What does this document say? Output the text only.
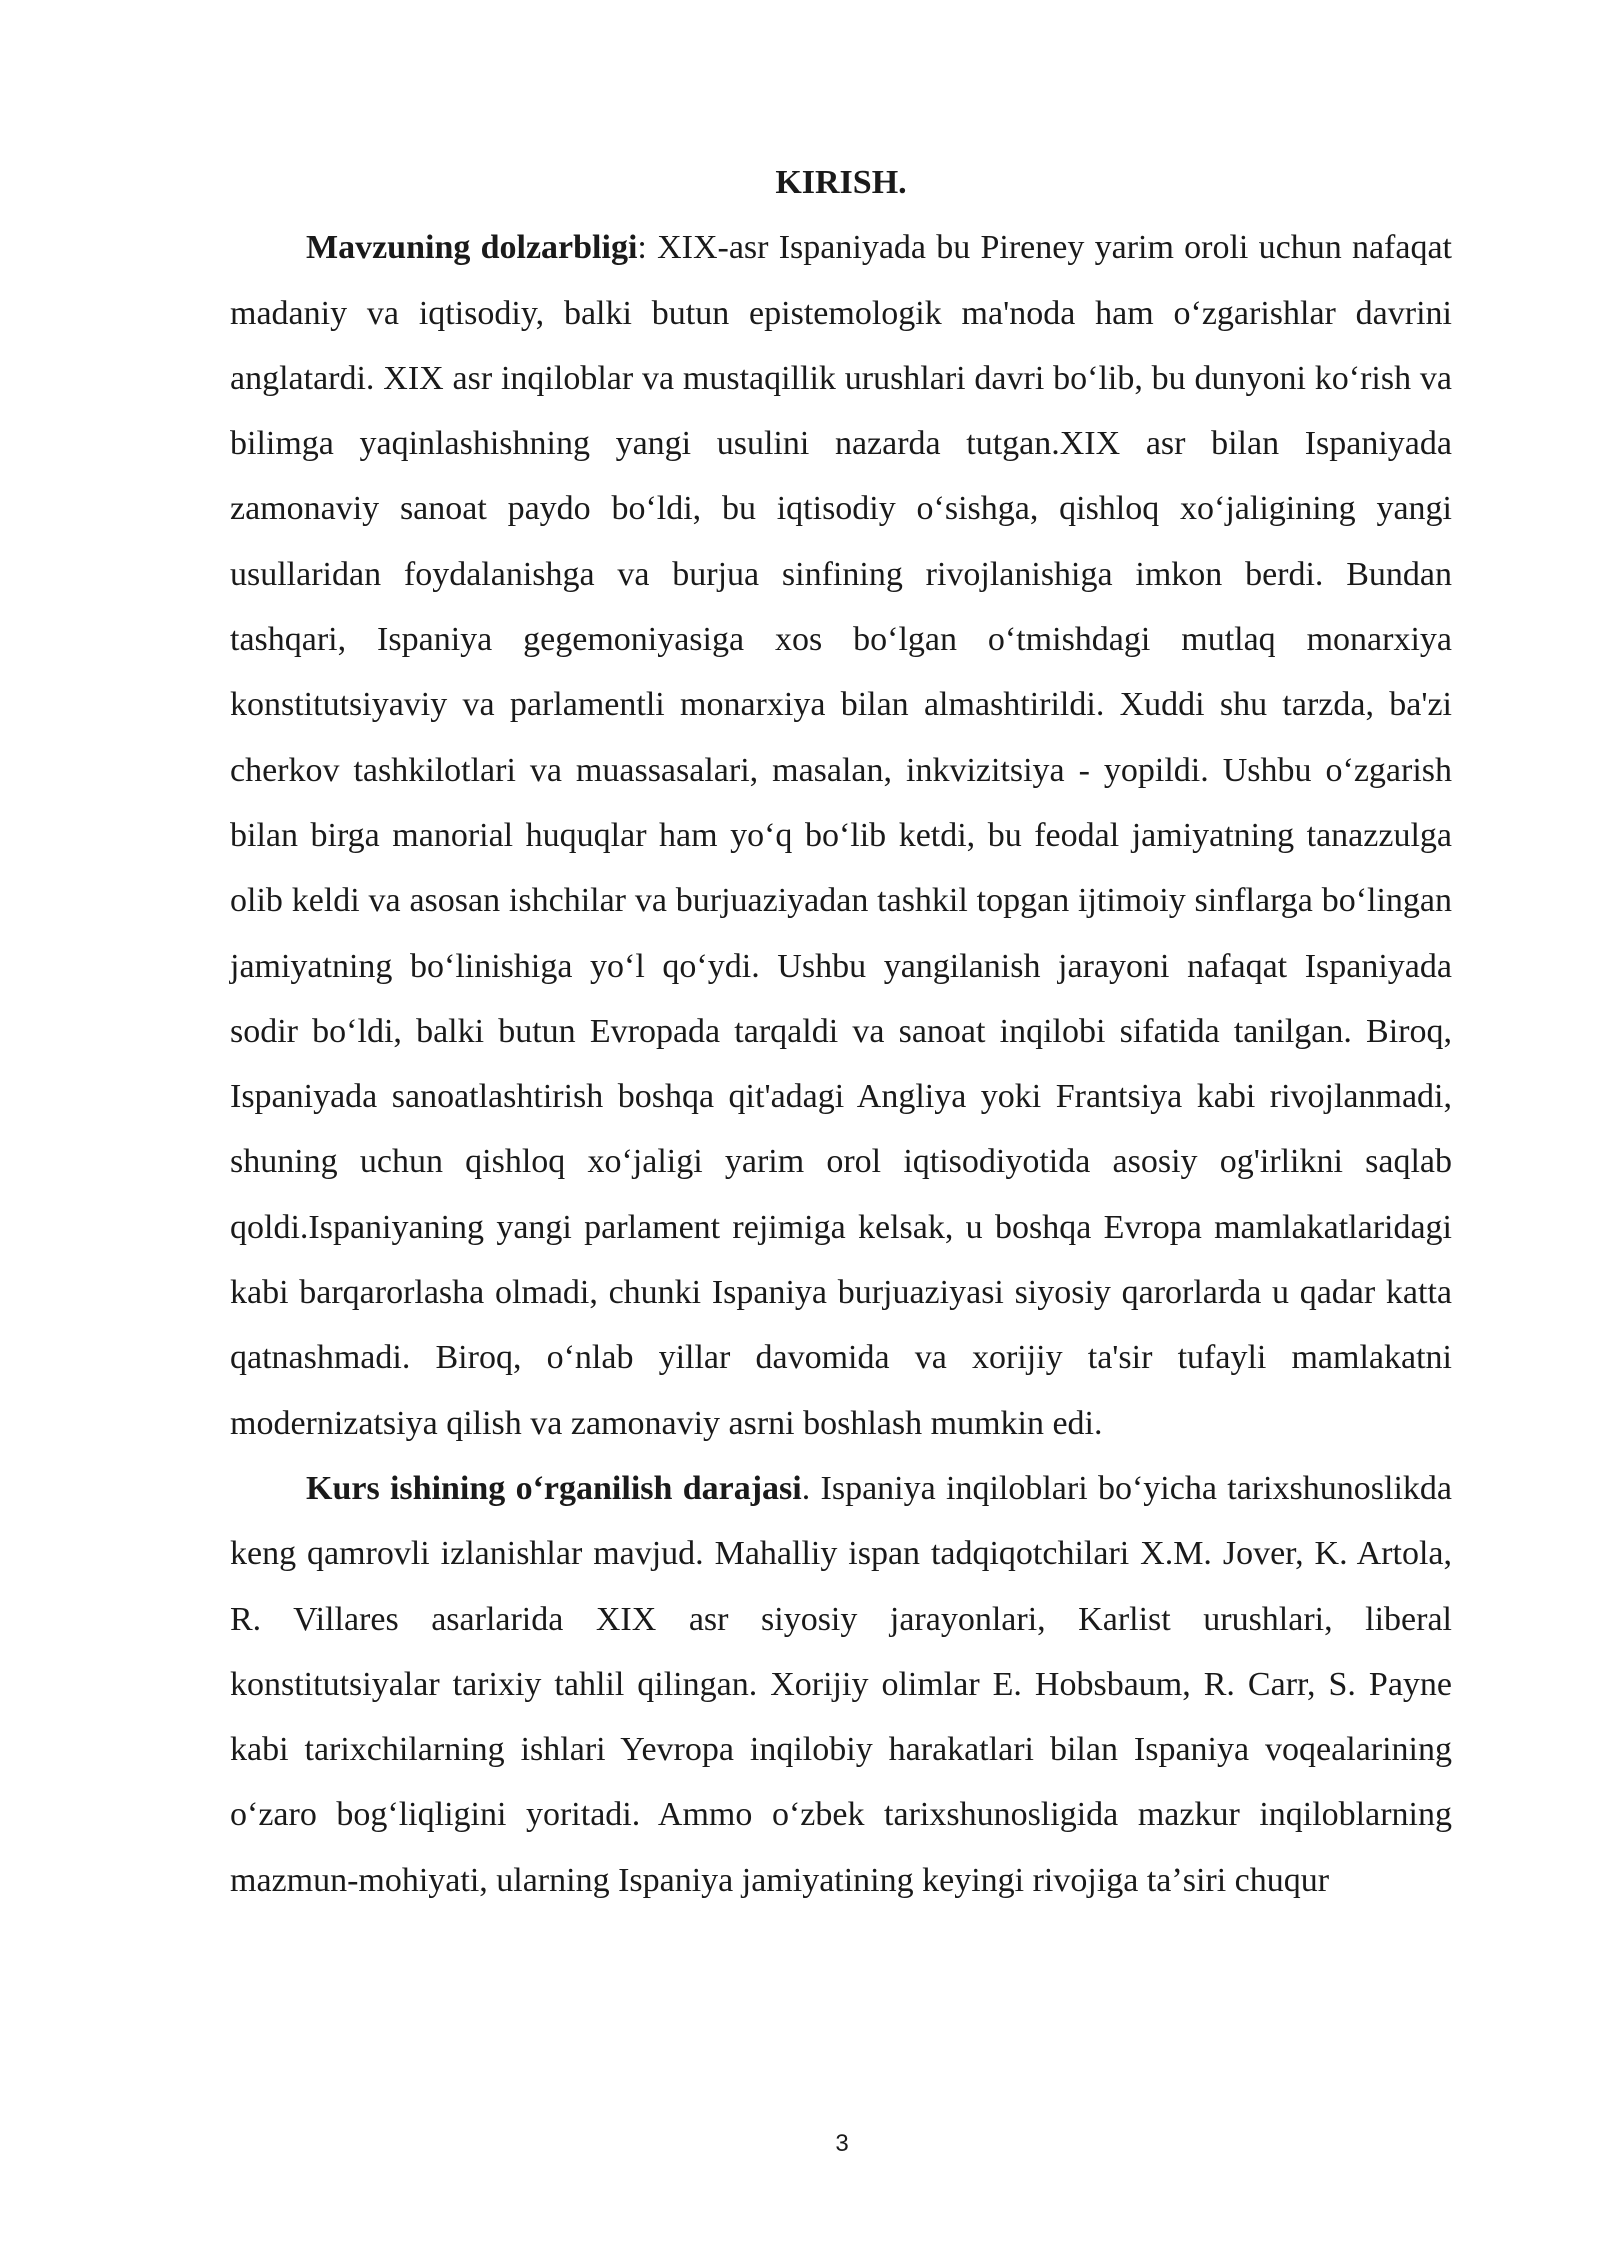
KIRISH.

Mavzuning dolzarbligi: XIX-asr Ispaniyada bu Pireney yarim oroli uchun nafaqat madaniy va iqtisodiy, balki butun epistemologik ma'noda ham oʻzgarishlar davrini anglatardi. XIX asr inqiloblar va mustaqillik urushlari davri boʻlib, bu dunyoni koʻrish va bilimga yaqinlashishning yangi usulini nazarda tutgan.XIX asr bilan Ispaniyada zamonaviy sanoat paydo boʻldi, bu iqtisodiy oʻsishga, qishloq xoʻjaligining yangi usullaridan foydalanishga va burjua sinfining rivojlanishiga imkon berdi. Bundan tashqari, Ispaniya gegemoniyasiga xos boʻlgan oʻtmishdagi mutlaq monarxiya konstitutsiyaviy va parlamentli monarxiya bilan almashtirildi. Xuddi shu tarzda, ba'zi cherkov tashkilotlari va muassasalari, masalan, inkvizitsiya - yopildi. Ushbu oʻzgarish bilan birga manorial huquqlar ham yoʻq boʻlib ketdi, bu feodal jamiyatning tanazzulga olib keldi va asosan ishchilar va burjuaziyadan tashkil topgan ijtimoiy sinflarga boʻlingan jamiyatning boʻlinishiga yoʻl qoʻydi. Ushbu yangilanish jarayoni nafaqat Ispaniyada sodir boʻldi, balki butun Evropada tarqaldi va sanoat inqilobi sifatida tanilgan. Biroq, Ispaniyada sanoatlashtirish boshqa qit'adagi Angliya yoki Frantsiya kabi rivojlanmadi, shuning uchun qishloq xoʻjaligi yarim orol iqtisodiyotida asosiy og'irlikni saqlab qoldi.Ispaniyaning yangi parlament rejimiga kelsak, u boshqa Evropa mamlakatlaridagi kabi barqarorlasha olmadi, chunki Ispaniya burjuaziyasi siyosiy qarorlarda u qadar katta qatnashmadi. Biroq, oʻnlab yillar davomida va xorijiy ta'sir tufayli mamlakatni modernizatsiya qilish va zamonaviy asrni boshlash mumkin edi.

Kurs ishining oʻrganilish darajasi. Ispaniya inqiloblari boʻyicha tarixshunoslikda keng qamrovli izlanishlar mavjud. Mahalliy ispan tadqiqotchilari X.M. Jover, K. Artola, R. Villares asarlarida XIX asr siyosiy jarayonlari, Karlist urushlari, liberal konstitutsiyalar tarixiy tahlil qilingan. Xorijiy olimlar E. Hobsbaum, R. Carr, S. Payne kabi tarixchilarning ishlari Yevropa inqilobiy harakatlari bilan Ispaniya voqealarining oʻzaro bogʻliqligini yoritadi. Ammo oʻzbek tarixshunosligida mazkur inqiloblarning mazmun-mohiyati, ularning Ispaniya jamiyatining keyingi rivojiga taʼsiri chuqur

3
